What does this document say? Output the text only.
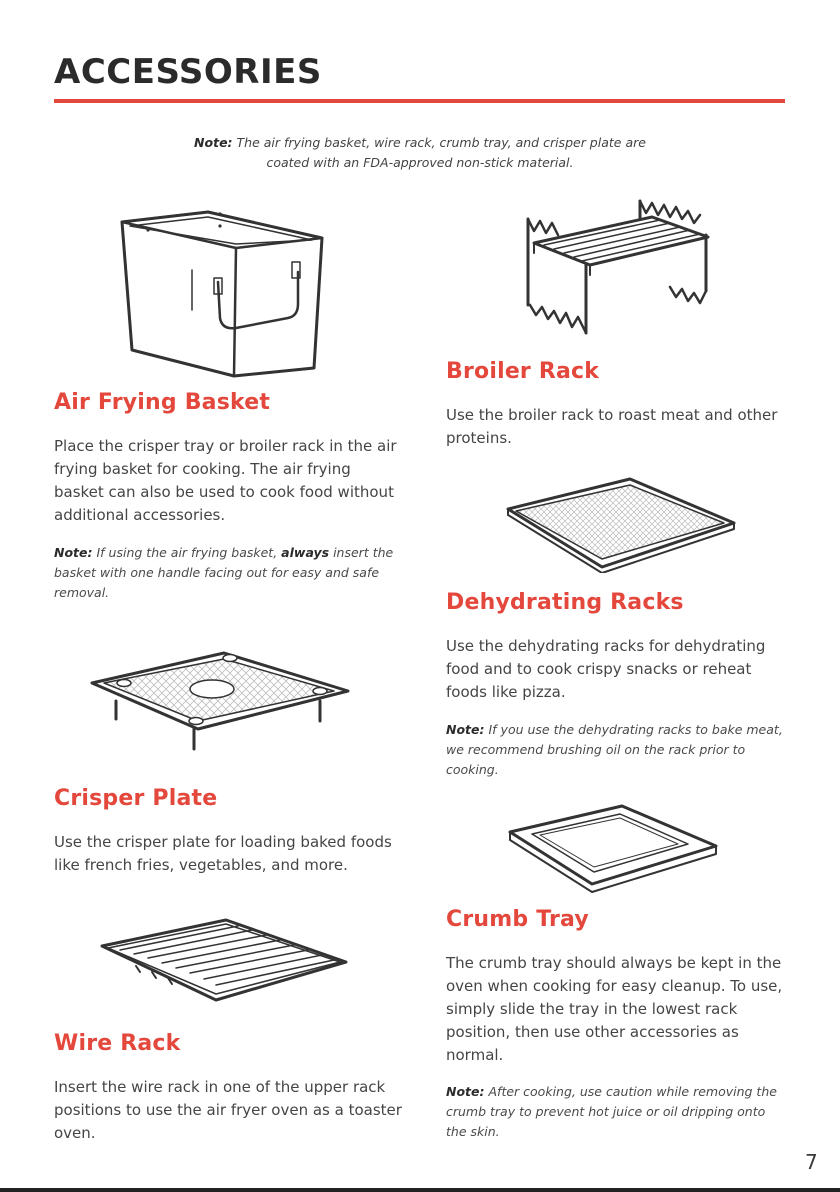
ACCESSORIES
Note: The air frying basket, wire rack, crumb tray, and crisper plate are coated with an FDA-approved non-stick material.
Air Frying Basket

Place the crisper tray or broiler rack in the air frying basket for cooking. The air frying basket can also be used to cook food without additional accessories.

Note: If using the air frying basket, always insert the basket with one handle facing out for easy and safe removal.

Crisper Plate

Use the crisper plate for loading baked foods like french fries, vegetables, and more.

Wire Rack

Insert the wire rack in one of the upper rack positions to use the air fryer oven as a toaster oven.

Broiler Rack

Use the broiler rack to roast meat and other proteins.

Dehydrating Racks

Use the dehydrating racks for dehydrating food and to cook crispy snacks or reheat foods like pizza.

Note: If you use the dehydrating racks to bake meat, we recommend brushing oil on the rack prior to cooking.

Crumb Tray

The crumb tray should always be kept in the oven when cooking for easy cleanup. To use, simply slide the tray in the lowest rack position, then use other accessories as normal.

Note: After cooking, use caution while removing the crumb tray to prevent hot juice or oil dripping onto the skin.

7
